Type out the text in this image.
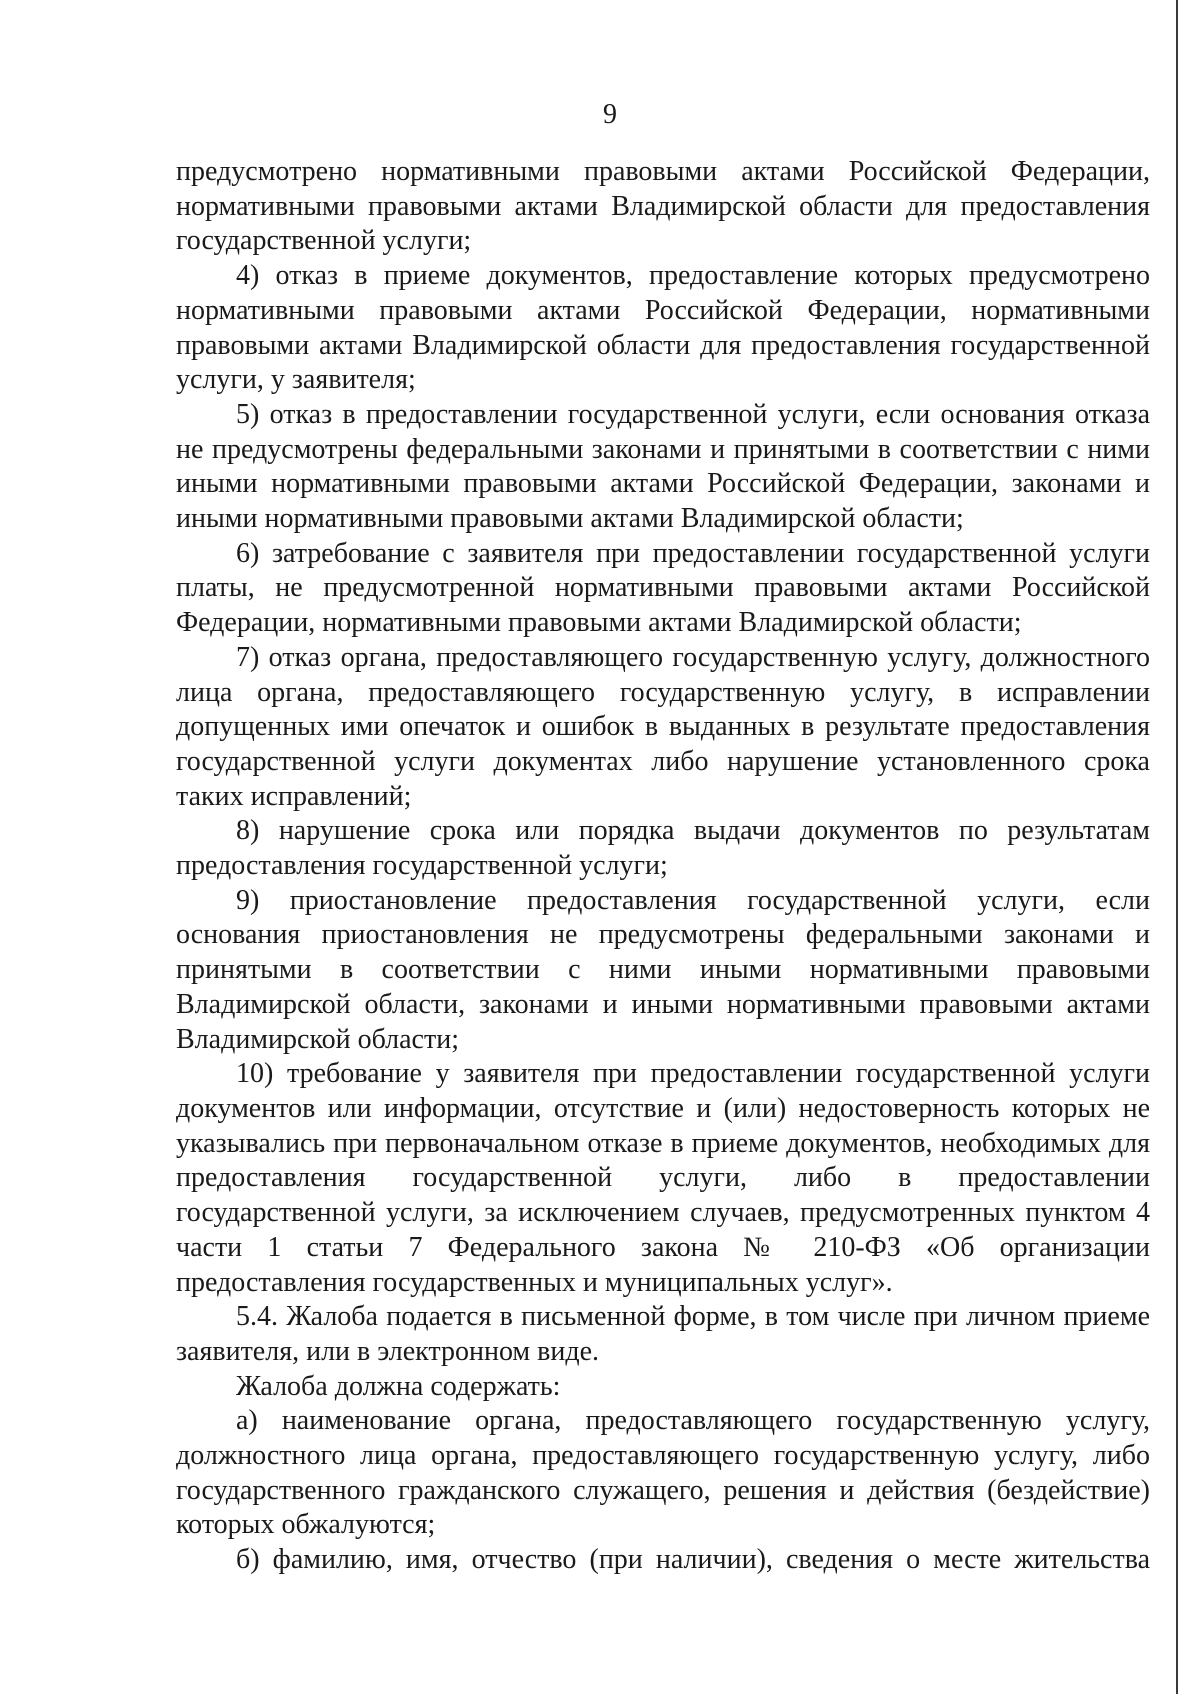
9

предусмотрено нормативными правовыми актами Российской Федерации, нормативными правовыми актами Владимирской области для предоставления государственной услуги;

4) отказ в приеме документов, предоставление которых предусмотрено нормативными правовыми актами Российской Федерации, нормативными правовыми актами Владимирской области для предоставления государственной услуги, у заявителя;

5) отказ в предоставлении государственной услуги, если основания отказа не предусмотрены федеральными законами и принятыми в соответствии с ними иными нормативными правовыми актами Российской Федерации, законами и иными нормативными правовыми актами Владимирской области;

6) затребование с заявителя при предоставлении государственной услуги платы, не предусмотренной нормативными правовыми актами Российской Федерации, нормативными правовыми актами Владимирской области;

7) отказ органа, предоставляющего государственную услугу, должностного лица органа, предоставляющего государственную услугу, в исправлении допущенных ими опечаток и ошибок в выданных в результате предоставления государственной услуги документах либо нарушение установленного срока таких исправлений;

8) нарушение срока или порядка выдачи документов по результатам предоставления государственной услуги;

9) приостановление предоставления государственной услуги, если основания приостановления не предусмотрены федеральными законами и принятыми в соответствии с ними иными нормативными правовыми Владимирской области, законами и иными нормативными правовыми актами Владимирской области;

10) требование у заявителя при предоставлении государственной услуги документов или информации, отсутствие и (или) недостоверность которых не указывались при первоначальном отказе в приеме документов, необходимых для предоставления государственной услуги, либо в предоставлении государственной услуги, за исключением случаев, предусмотренных пунктом 4 части 1 статьи 7 Федерального закона № 210-ФЗ «Об организации предоставления государственных и муниципальных услуг».

5.4. Жалоба подается в письменной форме, в том числе при личном приеме заявителя, или в электронном виде.

Жалоба должна содержать:

а) наименование органа, предоставляющего государственную услугу, должностного лица органа, предоставляющего государственную услугу, либо государственного гражданского служащего, решения и действия (бездействие) которых обжалуются;

б) фамилию, имя, отчество (при наличии), сведения о месте жительства
